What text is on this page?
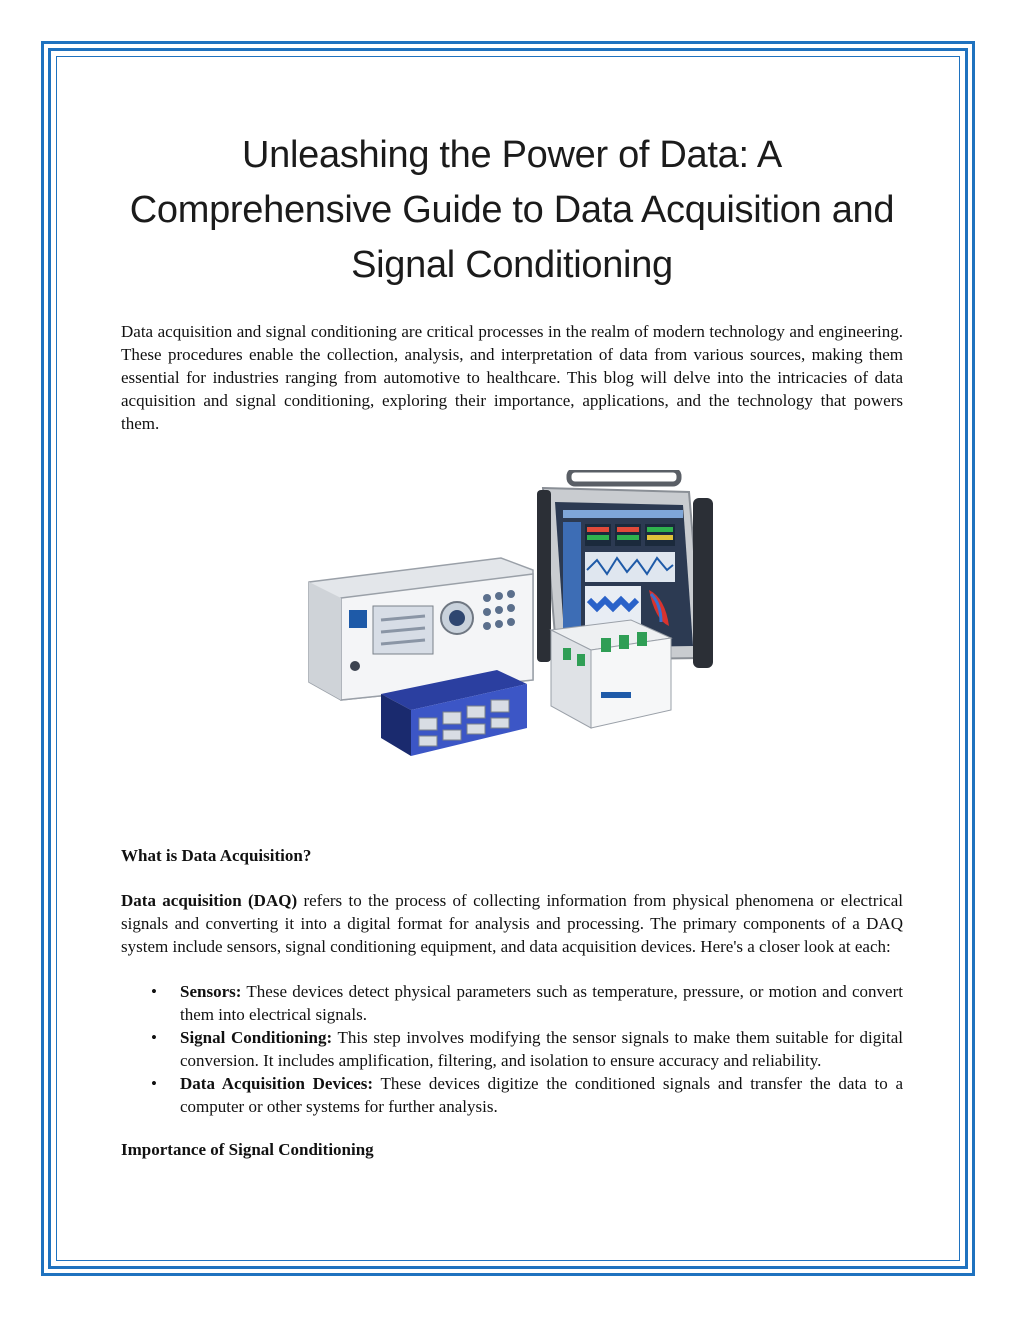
Unleashing the Power of Data: A Comprehensive Guide to Data Acquisition and Signal Conditioning

Data acquisition and signal conditioning are critical processes in the realm of modern technology and engineering. These procedures enable the collection, analysis, and interpretation of data from various sources, making them essential for industries ranging from automotive to healthcare. This blog will delve into the intricacies of data acquisition and signal conditioning, exploring their importance, applications, and the technology that powers them.

What is Data Acquisition?

Data acquisition (DAQ) refers to the process of collecting information from physical phenomena or electrical signals and converting it into a digital format for analysis and processing. The primary components of a DAQ system include sensors, signal conditioning equipment, and data acquisition devices. Here's a closer look at each:

• Sensors: These devices detect physical parameters such as temperature, pressure, or motion and convert them into electrical signals.
• Signal Conditioning: This step involves modifying the sensor signals to make them suitable for digital conversion. It includes amplification, filtering, and isolation to ensure accuracy and reliability.
• Data Acquisition Devices: These devices digitize the conditioned signals and transfer the data to a computer or other systems for further analysis.
Importance of Signal Conditioning
